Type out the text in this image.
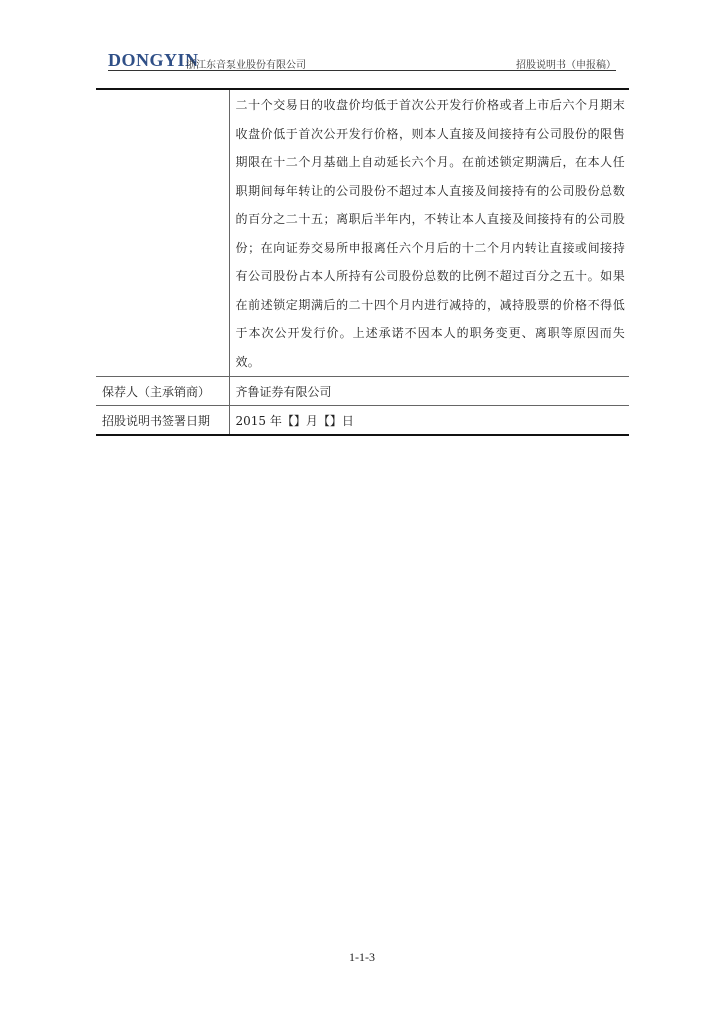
DONGYIN
浙江东音泵业股份有限公司	招股说明书（申报稿）

	二十个交易日的收盘价均低于首次公开发行价格或者上市后六个月期末收盘价低于首次公开发行价格，则本人直接及间接持有公司股份的限售期限在十二个月基础上自动延长六个月。在前述锁定期满后，在本人任职期间每年转让的公司股份不超过本人直接及间接持有的公司股份总数的百分之二十五；离职后半年内，不转让本人直接及间接持有的公司股份；在向证券交易所申报离任六个月后的十二个月内转让直接或间接持有公司股份占本人所持有公司股份总数的比例不超过百分之五十。如果在前述锁定期满后的二十四个月内进行减持的，减持股票的价格不得低于本次公开发行价。上述承诺不因本人的职务变更、离职等原因而失效。

保荐人（主承销商）	齐鲁证券有限公司
招股说明书签署日期	2015 年【】月【】日
1-1-3
